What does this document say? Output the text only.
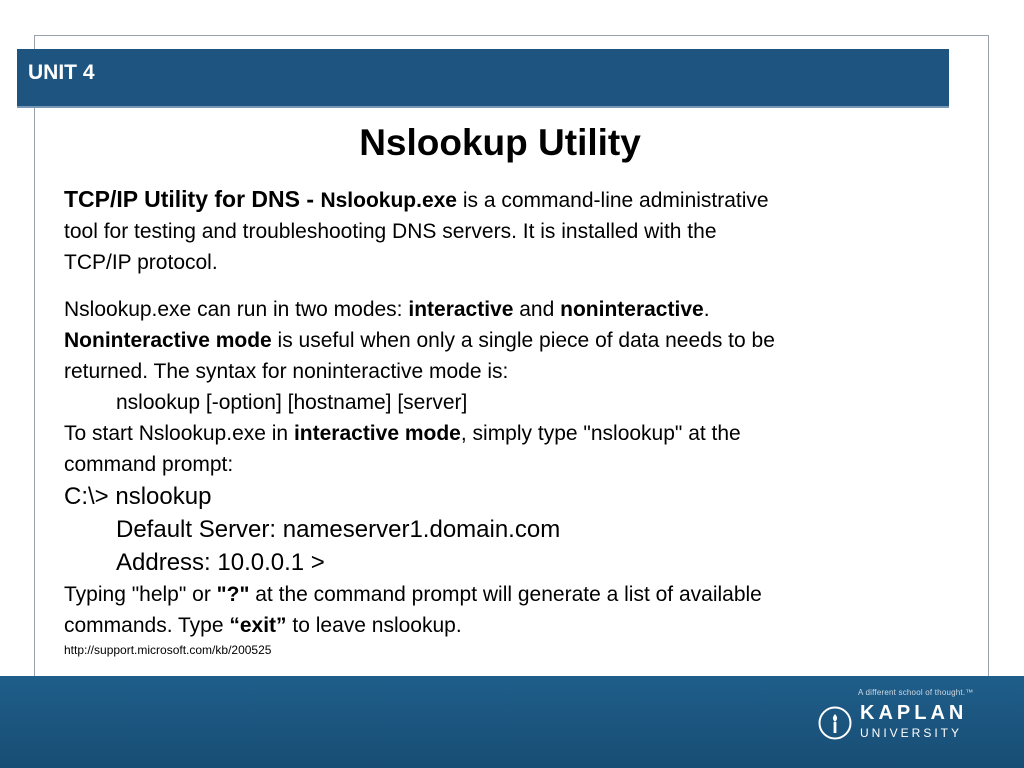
UNIT 4
Nslookup Utility

TCP/IP Utility for DNS - Nslookup.exe is a command-line administrative

tool for testing and troubleshooting DNS servers. It is installed with the

TCP/IP protocol.

Nslookup.exe can run in two modes: interactive and noninteractive.

Noninteractive mode is useful when only a single piece of data needs to be

returned. The syntax for noninteractive mode is:

nslookup [-option] [hostname] [server]

To start Nslookup.exe in interactive mode, simply type "nslookup" at the

command prompt:

C:\> nslookup

Default Server: nameserver1.domain.com

Address: 10.0.0.1 >

Typing "help" or "?" at the command prompt will generate a list of available

commands. Type “exit” to leave nslookup.

http://support.microsoft.com/kb/200525

A different school of thought.™
KAPLAN
UNIVERSITY
